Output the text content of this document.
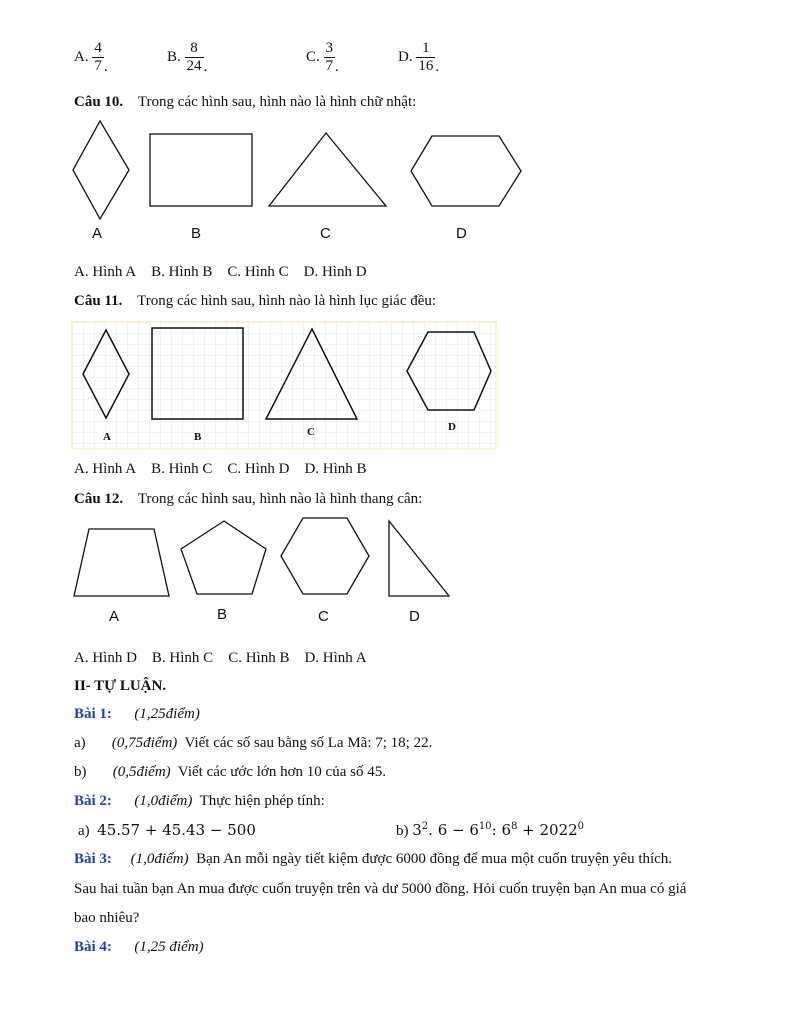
A.
$\frac{4}{7}$ .
B.
$\frac{8}{24}$ .
C.
$\frac{3}{7}$ .
D.
$\frac{1}{16}$ .
Câu 10. Trong các hình sau, hình nào là hình chữ nhật:
A	B	C	D
A. Hình A B. Hình B C. Hình C D. Hình D
Câu 11. Trong các hình sau, hình nào là hình lục giác đều:
A	B	C	D
A. Hình A B. Hình C C. Hình D D. Hình B
Câu 12. Trong các hình sau, hình nào là hình thang cân:
A	B	C	D
A. Hình D B. Hình C C. Hình B D. Hình A
II- TỰ LUẬN.
Bài 1: (1,25điểm)
a) (0,75điểm) Viết các số sau bằng số La Mã: 7; 18; 22.
b) (0,5điểm) Viết các ước lớn hơn 10 của số 45.
Bài 2: (1,0điểm) Thực hiện phép tính:
a) 45.57 + 45.43 − 500	b) $3^2$. $6 - 6^{10}$: $6^8 + 2022^0$
Bài 3: (1,0điểm) Bạn An mỗi ngày tiết kiệm được 6000 đồng để mua một cuốn truyện yêu thích.
Sau hai tuần bạn An mua được cuốn truyện trên và dư 5000 đồng. Hỏi cuốn truyện bạn An mua có giá
bao nhiêu?
Bài 4: (1,25 điểm)
